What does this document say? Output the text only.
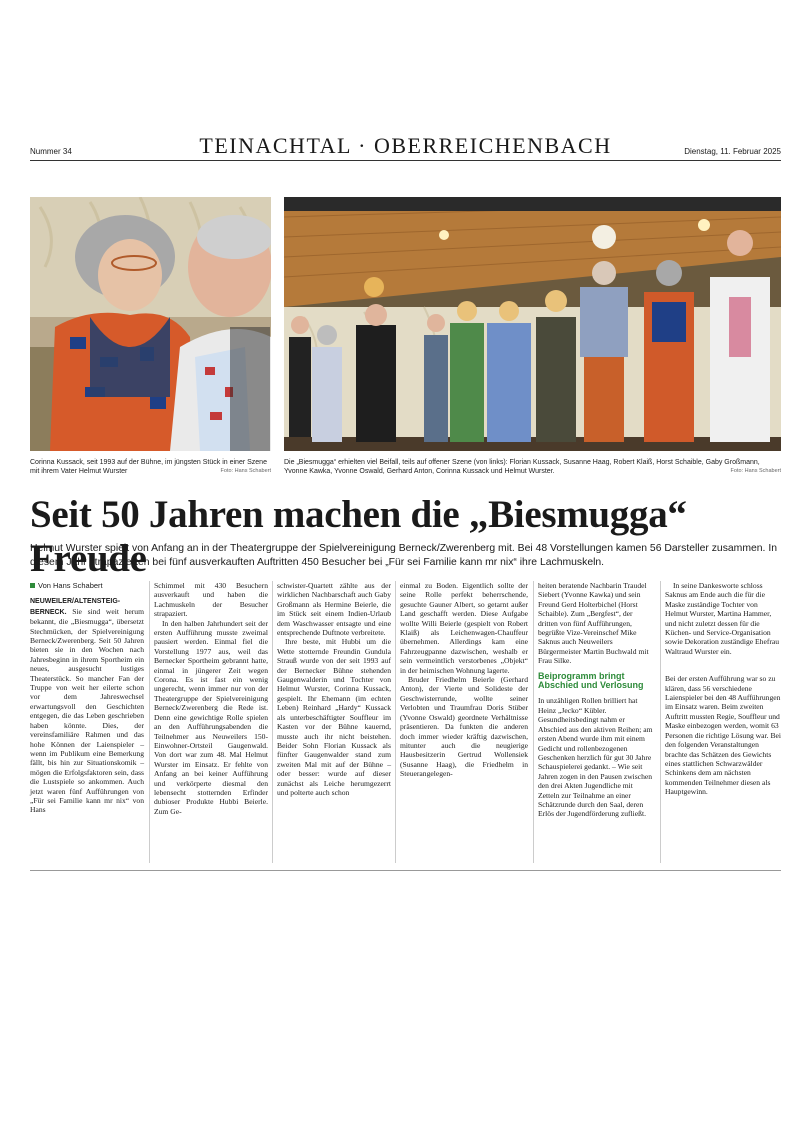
Nummer 34	TEINACHTAL · OBERREICHENBACH	Dienstag, 11. Februar 2025
Corinna Kussack, seit 1993 auf der Bühne, im jüngsten Stück in einer Szene mit ihrem Vater Helmut Wurster	Foto: Hans Schabert
Die „Biesmugga“ erhielten viel Beifall, teils auf offener Szene (von links): Florian Kussack, Susanne Haag, Robert Klaiß, Horst Schaible, Gaby Großmann, Yvonne Kawka, Yvonne Oswald, Gerhard Anton, Corinna Kussack und Helmut Wurster.	Foto: Hans Schabert
Seit 50 Jahren machen die „Biesmugga“ Freude
Helmut Wurster spielt von Anfang an in der Theatergruppe der Spielvereinigung Berneck/Zwerenberg mit. Bei 48 Vorstellungen kamen 56 Darsteller zusammen. In diesem Jahr strapazierten bei fünf ausverkauften Auftritten 450 Besucher bei „Für sei Familie kann mr nix“ ihre Lachmuskeln.
Von Hans Schabert

NEUWEILER/ALTENSTEIG-BERNECK. Sie sind weit herum bekannt, die „Biesmugga“, übersetzt Stechmücken, der Spielvereinigung Berneck/Zwerenberg. Seit 50 Jahren bieten sie in den Wochen nach Jahresbeginn in ihrem Sportheim ein neues, ausgesucht lustiges Theaterstück. So mancher Fan der Truppe von weit her eilerte schon vor dem Jahreswechsel erwartungsvoll den Geschichten entgegen, die das Leben geschrieben haben könnte. Dies, der vereinsfamiliäre Rahmen und das hohe Können der Laienspieler – wenn im Publikum eine Bemerkung fällt, bis hin zur Situationskomik – mögen die Erfolgsfaktoren sein, dass die Lustspiele so ankommen. Auch jetzt waren fünf Aufführungen von „Für sei Familie kann mr nix“ von Hans

Schimmel mit 430 Besuchern ausverkauft und haben die Lachmuskeln der Besucher strapaziert.

In den halben Jahrhundert seit der ersten Aufführung musste zweimal pausiert werden. Einmal fiel die Vorstellung 1977 aus, weil das Bernecker Sportheim gebrannt hatte, einmal in jüngerer Zeit wegen Corona. Es ist fast ein wenig ungerecht, wenn immer nur von der Theatergruppe der Spielvereinigung Berneck/Zwerenberg die Rede ist. Denn eine gewichtige Rolle spielen an den Aufführungsabenden die Teilnehmer aus Neuweilers 150-Einwohner-Ortsteil Gaugenwald. Von dort war zum 48. Mal Helmut Wurster im Einsatz. Er fehlte von Anfang an bei keiner Aufführung und verkörperte diesmal den lebensecht stotternden Erfinder dubioser Produkte Hubbi Beierle. Zum Ge-

schwister-Quartett zählte aus der wirklichen Nachbarschaft auch Gaby Großmann als Hermine Beierle, die im Stück seit einem Indien-Urlaub dem Waschwasser entsagte und eine entsprechende Duftnote verbreitete.

Ihre beste, mit Hubbi um die Wette stotternde Freundin Gundula Strauß wurde von der seit 1993 auf der Bernecker Bühne stehenden Gaugenwalderin und Tochter von Helmut Wurster, Corinna Kussack, gespielt. Ihr Ehemann (im echten Leben) Reinhard „Hardy“ Kussack als unterbeschäftigter Souffleur im Kasten vor der Bühne kauernd, musste auch ihr nicht beistehen. Beider Sohn Florian Kussack als fünfter Gaugenwalder stand zum zweiten Mal mit auf der Bühne – oder besser: wurde auf dieser zunächst als Leiche herumgezerrt und polterte auch schon

einmal zu Boden. Eigentlich sollte der seine Rolle perfekt beherrschende, gesuchte Gauner Albert, so getarnt außer Land geschafft werden. Diese Aufgabe wollte Willi Beierle (gespielt von Robert Klaiß) als Leichenwagen-Chauffeur übernehmen. Allerdings kam eine Fahrzeugpanne dazwischen, weshalb er sein vermeintlich verstorbenes „Objekt“ in der heimischen Wohnung lagerte.

Bruder Friedhelm Beierle (Gerhard Anton), der Vierte und Solideste der Geschwisterrunde, wollte seiner Verlobten und Traumfrau Doris Stüber (Yvonne Oswald) geordnete Verhältnisse präsentieren. Da funkten die anderen doch immer wieder kräftig dazwischen, mitunter auch die neugierige Hausbesitzerin Gertrud Wollensiek (Susanne Haag), die Friedhelm in Steuerangelegen-

heiten beratende Nachbarin Traudel Siebert (Yvonne Kawka) und sein Freund Gerd Holterbichel (Horst Schaible). Zum „Bergfest“, der dritten von fünf Aufführungen, begrüßte Vize-Vereinschef Mike Saknus auch Neuweilers Bürgermeister Martin Buchwald mit Frau Silke.

Beiprogramm bringt Abschied und Verlosung

In unzähligen Rollen brilliert hat Heinz „Jecko“ Kübler. Gesundheitsbedingt nahm er Abschied aus den aktiven Reihen; am ersten Abend wurde ihm mit einem Gedicht und rollenbezogenen Geschenken herzlich für gut 30 Jahre Schauspielerei gedankt. – Wie seit Jahren zogen in den Pausen zwischen den drei Akten Jugendliche mit Zetteln zur Teilnahme an einer Schätzrunde durch den Saal, deren Erlös der Jugendförderung zufließt.

In seine Dankesworte schloss Saknus am Ende auch die für die Maske zuständige Tochter von Helmut Wurster, Martina Hammer, und nicht zuletzt dessen für die Küchen- und Service-Organisation sowie Dekoration zuständige Ehefrau Waltraud Wurster ein.

Bei der ersten Aufführung war so zu klären, dass 56 verschiedene Laienspieler bei den 48 Aufführungen im Einsatz waren. Beim zweiten Auftritt mussten Regie, Souffleur und Maske einbezogen werden, womit 63 Personen die richtige Lösung war. Bei den folgenden Veranstaltungen brachte das Schätzen des Gewichts eines stattlichen Schwarzwälder Schinkens dem am nächsten kommenden Teilnehmer diesen als Hauptgewinn.
